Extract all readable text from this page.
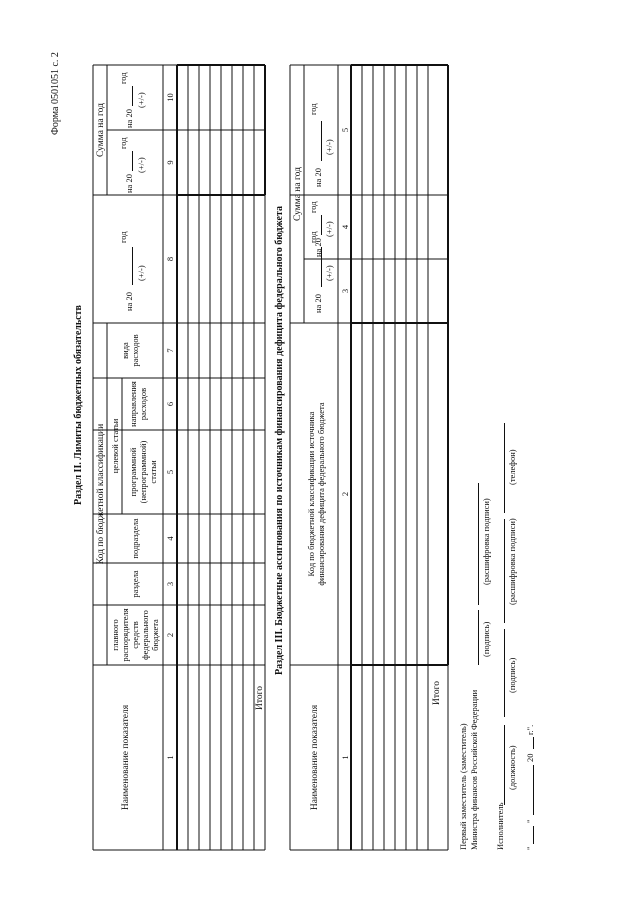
Форма 0501051 с. 2
Раздел II. Лимиты бюджетных обязательств
Наименование показателя
Код по бюджетной классификации
главного распорядителя средств федерального бюджета
раздела
подраздела
целевой статьи программной (непрограммной) статьи
направления расходов
вида расходов
Сумма на год
на 20
год
(+/-)
на 20
год
(+/-)
на 20
год
(+/-)
1
2
3
4
5
6
7
8
9
10
Итого
Раздел III. Бюджетные ассигнования по источникам финансирования дефицита федерального бюджета
Наименование показателя
Код по бюджетной классификации источника финансирования дефицита федерального бюджета
Сумма на год
на 20
год
(+/-)
на 20
год
(+/-)
на 20
год
(+/-)
1
2
3
4
5
Итого
Первый заместитель (заместитель) Министра финансов Российской Федерации
(подпись)
(расшифровка подписи)
Исполнитель
(должность)
(подпись)
(расшифровка подписи)
(телефон)
"
"
20
г.".
